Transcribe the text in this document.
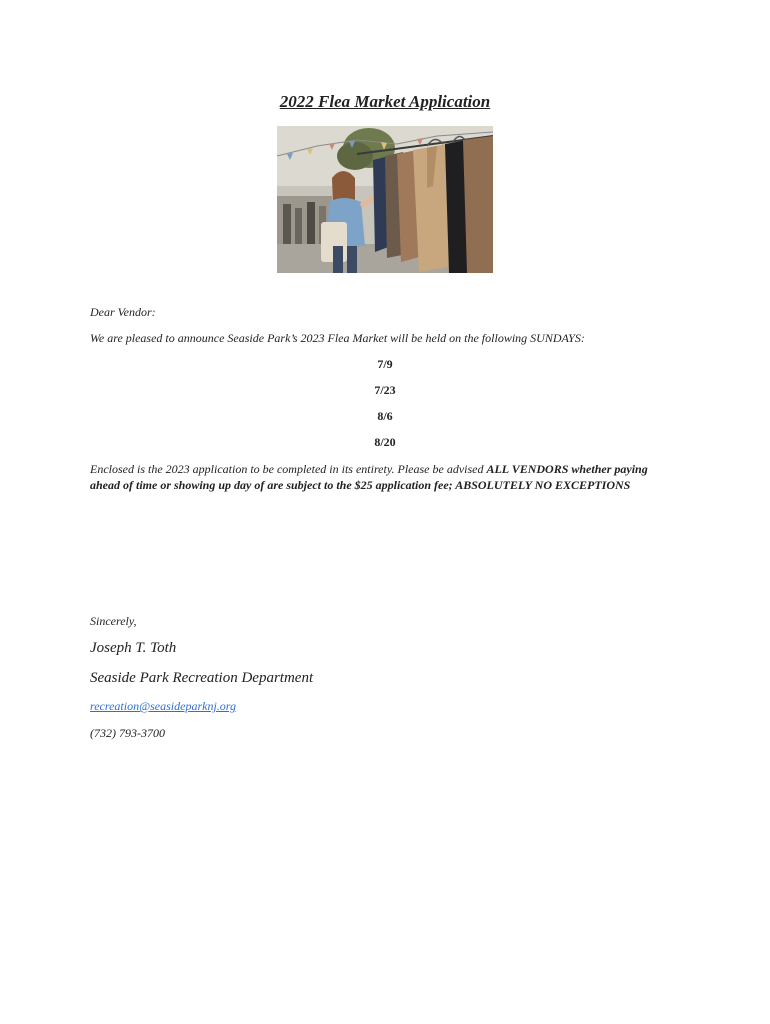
2022 Flea Market Application

Dear Vendor:

We are pleased to announce Seaside Park’s 2023 Flea Market will be held on the following SUNDAYS:

7/9

7/23

8/6

8/20

Enclosed is the 2023 application to be completed in its entirety. Please be advised ALL VENDORS whether paying ahead of time or showing up day of are subject to the $25 application fee; ABSOLUTELY NO EXCEPTIONS

Sincerely,

Joseph T. Toth

Seaside Park Recreation Department

recreation@seasideparknj.org

(732) 793-3700
